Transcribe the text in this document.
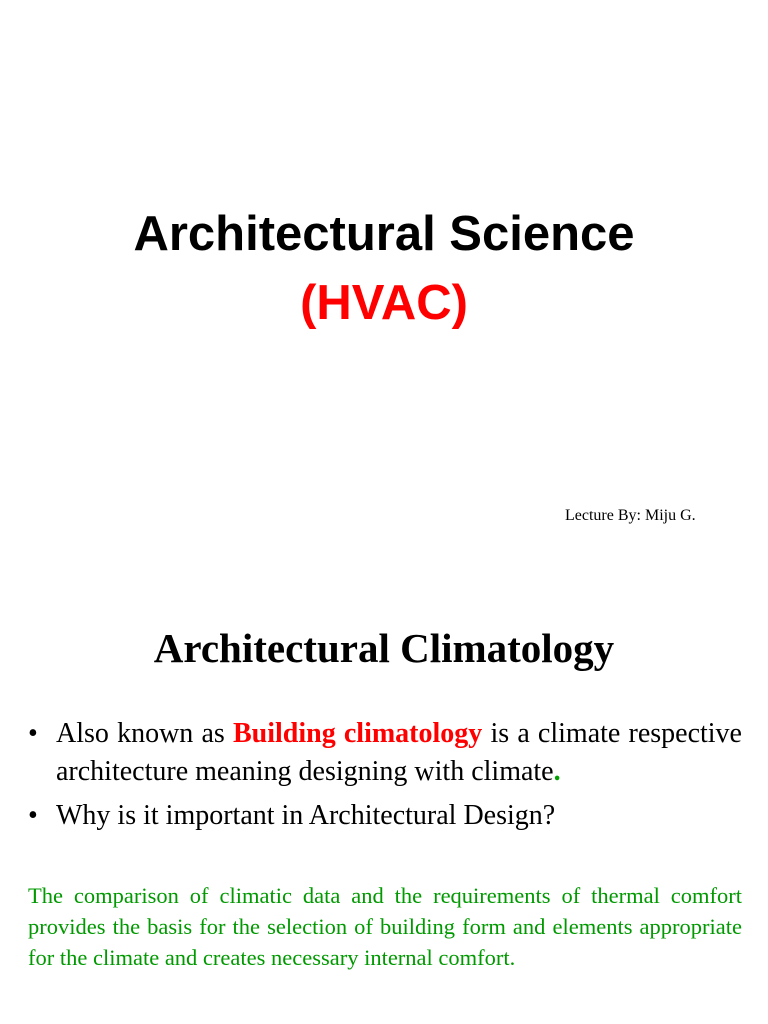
Architectural Science
(HVAC)

Lecture By: Miju G.

Architectural Climatology
• Also known as Building climatology is a climate respective architecture meaning designing with climate.
• Why is it important in Architectural Design?

The comparison of climatic data and the requirements of thermal comfort provides the basis for the selection of building form and elements appropriate for the climate and creates necessary internal comfort.
